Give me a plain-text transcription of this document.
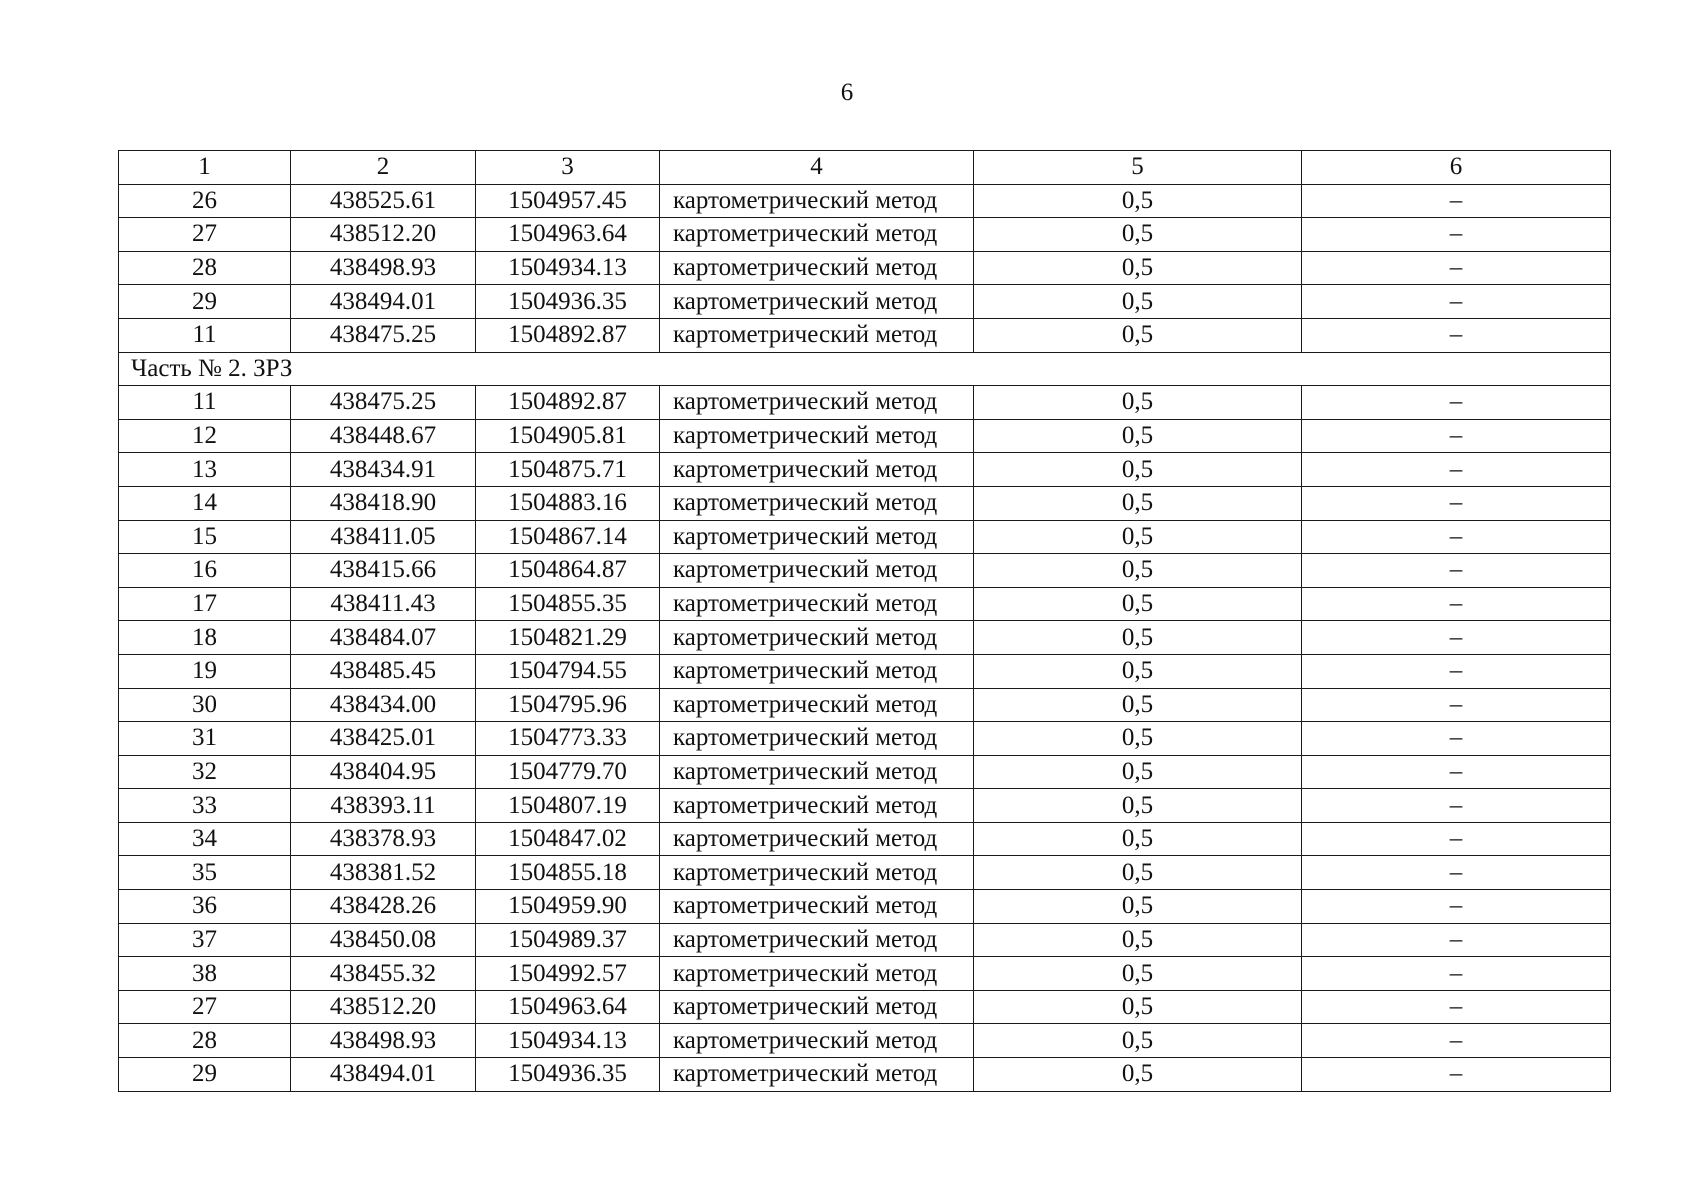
6
1	2	3	4	5	6
26	438525.61	1504957.45	картометрический метод	0,5	–
27	438512.20	1504963.64	картометрический метод	0,5	–
28	438498.93	1504934.13	картометрический метод	0,5	–
29	438494.01	1504936.35	картометрический метод	0,5	–
11	438475.25	1504892.87	картометрический метод	0,5	–
Часть № 2. ЗРЗ					
11	438475.25	1504892.87	картометрический метод	0,5	–
12	438448.67	1504905.81	картометрический метод	0,5	–
13	438434.91	1504875.71	картометрический метод	0,5	–
14	438418.90	1504883.16	картометрический метод	0,5	–
15	438411.05	1504867.14	картометрический метод	0,5	–
16	438415.66	1504864.87	картометрический метод	0,5	–
17	438411.43	1504855.35	картометрический метод	0,5	–
18	438484.07	1504821.29	картометрический метод	0,5	–
19	438485.45	1504794.55	картометрический метод	0,5	–
30	438434.00	1504795.96	картометрический метод	0,5	–
31	438425.01	1504773.33	картометрический метод	0,5	–
32	438404.95	1504779.70	картометрический метод	0,5	–
33	438393.11	1504807.19	картометрический метод	0,5	–
34	438378.93	1504847.02	картометрический метод	0,5	–
35	438381.52	1504855.18	картометрический метод	0,5	–
36	438428.26	1504959.90	картометрический метод	0,5	–
37	438450.08	1504989.37	картометрический метод	0,5	–
38	438455.32	1504992.57	картометрический метод	0,5	–
27	438512.20	1504963.64	картометрический метод	0,5	–
28	438498.93	1504934.13	картометрический метод	0,5	–
29	438494.01	1504936.35	картометрический метод	0,5	–
